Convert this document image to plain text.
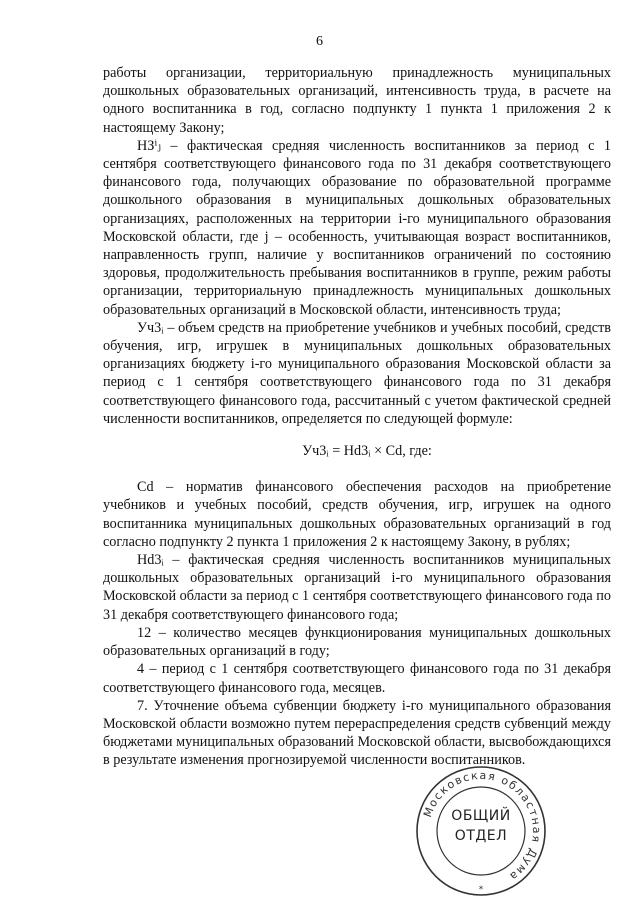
6

работы организации, территориальную принадлежность муниципальных дошкольных образовательных организаций, интенсивность труда, в расчете на одного воспитанника в год, согласно подпункту 1 пункта 1 приложения 2 к настоящему Закону;

НЗⁱⱼ – фактическая средняя численность воспитанников за период с 1 сентября соответствующего финансового года по 31 декабря соответствующего финансового года, получающих образование по образовательной программе дошкольного образования в муниципальных дошкольных образовательных организациях, расположенных на территории i-го муниципального образования Московской области, где j – особенность, учитывающая возраст воспитанников, направленность групп, наличие у воспитанников ограничений по состоянию здоровья, продолжительность пребывания воспитанников в группе, режим работы организации, территориальную принадлежность муниципальных дошкольных образовательных организаций в Московской области, интенсивность труда;

Уч3ᵢ – объем средств на приобретение учебников и учебных пособий, средств обучения, игр, игрушек в муниципальных дошкольных образовательных организациях бюджету i-го муниципального образования Московской области за период с 1 сентября соответствующего финансового года по 31 декабря соответствующего финансового года, рассчитанный с учетом фактической средней численности воспитанников, определяется по следующей формуле:

Уч3ᵢ = Hd3ᵢ × Cd, где:

Cd – норматив финансового обеспечения расходов на приобретение учебников и учебных пособий, средств обучения, игр, игрушек на одного воспитанника муниципальных дошкольных образовательных организаций в год согласно подпункту 2 пункта 1 приложения 2 к настоящему Закону, в рублях;

Hd3ᵢ – фактическая средняя численность воспитанников муниципальных дошкольных образовательных организаций i-го муниципального образования Московской области за период с 1 сентября соответствующего финансового года по 31 декабря соответствующего финансового года;

12 – количество месяцев функционирования муниципальных дошкольных образовательных организаций в году;

4 – период с 1 сентября соответствующего финансового года по 31 декабря соответствующего финансового года, месяцев.

7. Уточнение объема субвенции бюджету i-го муниципального образования Московской области возможно путем перераспределения средств субвенций между бюджетами муниципальных образований Московской области, высвобождающихся в результате изменения прогнозируемой численности воспитанников.

Московская областная Дума
*
ОБЩИЙ
ОТДЕЛ
